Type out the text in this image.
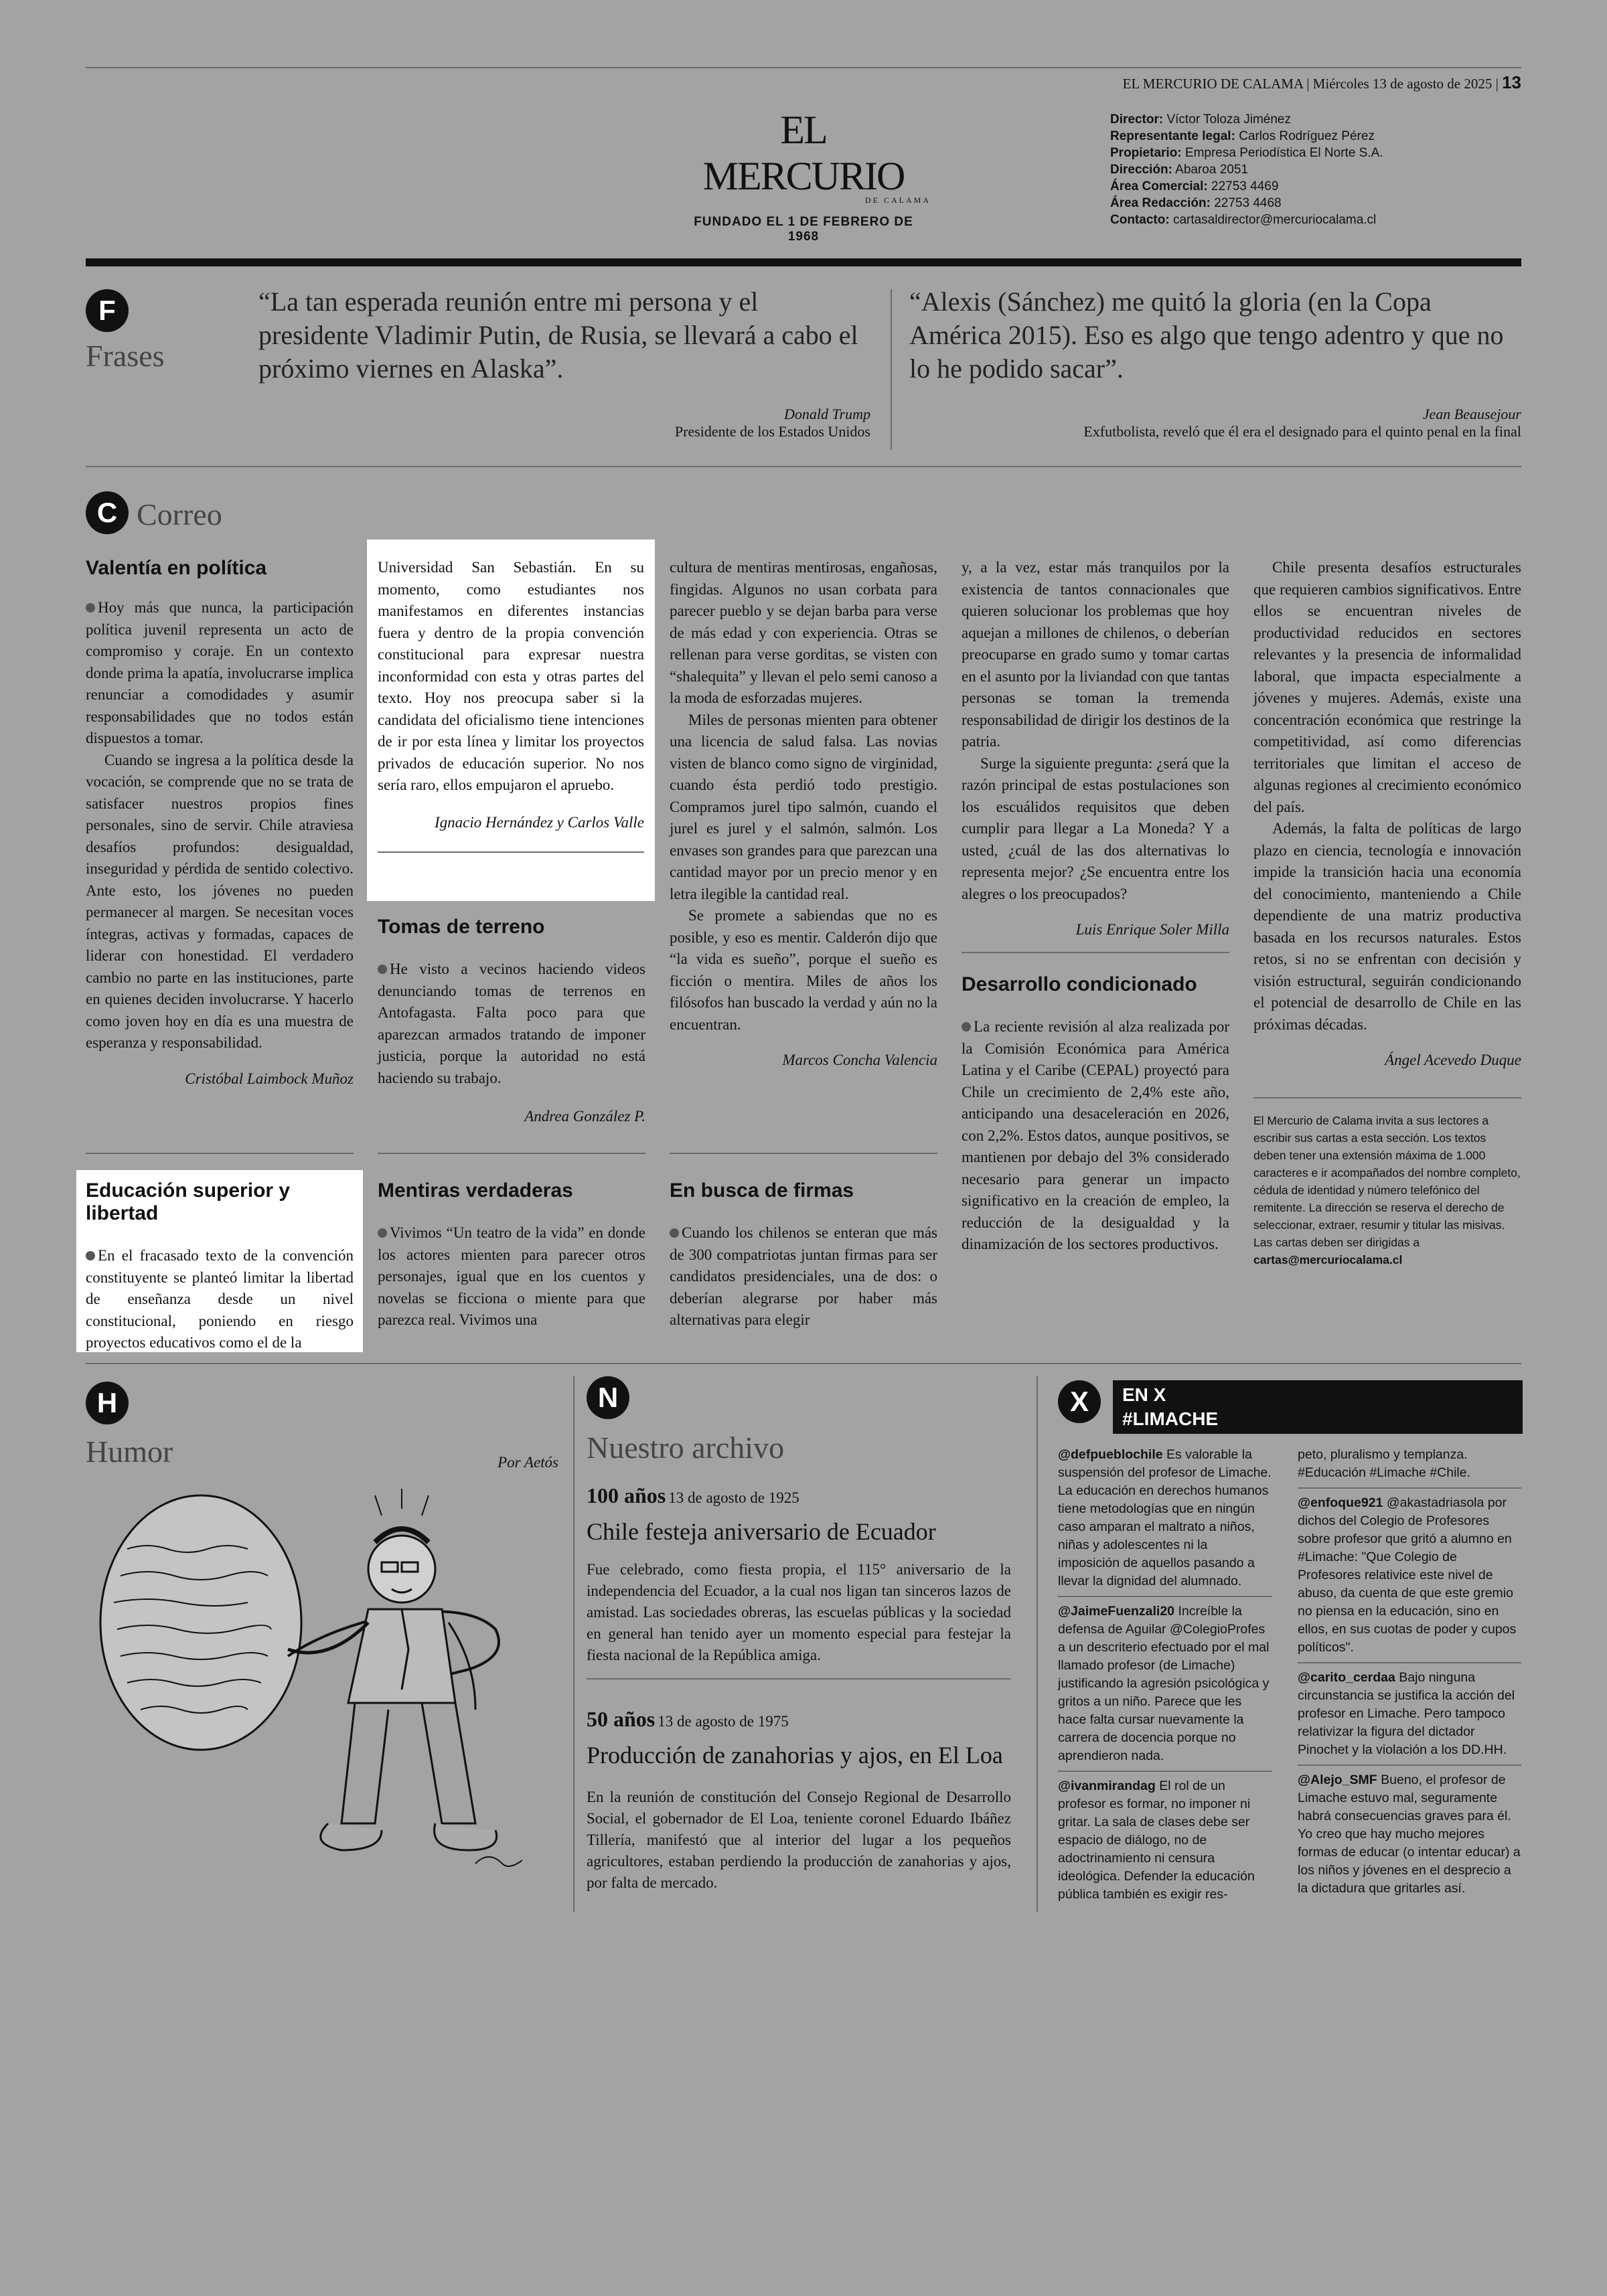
EL MERCURIO DE CALAMA | Miércoles 13 de agosto de 2025 | 13
EL MERCURIO
DE CALAMA
FUNDADO EL 1 DE FEBRERO DE 1968
Director: Víctor Toloza Jiménez
Representante legal: Carlos Rodríguez Pérez
Propietario: Empresa Periodística El Norte S.A.
Dirección: Abaroa 2051
Área Comercial: 22753 4469
Área Redacción: 22753 4468
Contacto: cartasaldirector@mercuriocalama.cl
F
Frases
“La tan esperada reunión entre mi persona y el presidente Vladimir Putin, de Rusia, se llevará a cabo el próximo viernes en Alaska”.
Donald Trump
Presidente de los Estados Unidos
“Alexis (Sánchez) me quitó la gloria (en la Copa América 2015). Eso es algo que tengo adentro y que no lo he podido sacar”.
Jean Beausejour
Exfutbolista, reveló que él era el designado para el quinto penal en la final
C Correo
Valentía en política

Hoy más que nunca, la participación política juvenil representa un acto de compromiso y coraje. En un contexto donde prima la apatía, involucrarse implica renunciar a comodidades y asumir responsabilidades que no todos están dispuestos a tomar.

Cuando se ingresa a la política desde la vocación, se comprende que no se trata de satisfacer nuestros propios fines personales, sino de servir. Chile atraviesa desafíos profundos: desigualdad, inseguridad y pérdida de sentido colectivo. Ante esto, los jóvenes no pueden permanecer al margen. Se necesitan voces íntegras, activas y formadas, capaces de liderar con honestidad. El verdadero cambio no parte en las instituciones, parte en quienes deciden involucrarse. Y hacerlo como joven hoy en día es una muestra de esperanza y responsabilidad.

Cristóbal Laimbock Muñoz
Educación superior y libertad

En el fracasado texto de la convención constituyente se planteó limitar la libertad de enseñanza desde un nivel constitucional, poniendo en riesgo proyectos educativos como el de la

Universidad San Sebastián. En su momento, como estudiantes nos manifestamos en diferentes instancias fuera y dentro de la propia convención constitucional para expresar nuestra inconformidad con esta y otras partes del texto. Hoy nos preocupa saber si la candidata del oficialismo tiene intenciones de ir por esta línea y limitar los proyectos privados de educación superior. No nos sería raro, ellos empujaron el apruebo.

Ignacio Hernández y Carlos Valle
Tomas de terreno

He visto a vecinos haciendo videos denunciando tomas de terrenos en Antofagasta. Falta poco para que aparezcan armados tratando de imponer justicia, porque la autoridad no está haciendo su trabajo.

Andrea González P.
Mentiras verdaderas

Vivimos “Un teatro de la vida” en donde los actores mienten para parecer otros personajes, igual que en los cuentos y novelas se ficciona o miente para que parezca real. Vivimos una

cultura de mentiras mentirosas, engañosas, fingidas. Algunos no usan corbata para parecer pueblo y se dejan barba para verse de más edad y con experiencia. Otras se rellenan para verse gorditas, se visten con “shalequita” y llevan el pelo semi canoso a la moda de esforzadas mujeres.

Miles de personas mienten para obtener una licencia de salud falsa. Las novias visten de blanco como signo de virginidad, cuando ésta perdió todo prestigio. Compramos jurel tipo salmón, cuando el jurel es jurel y el salmón, salmón. Los envases son grandes para que parezcan una cantidad mayor por un precio menor y en letra ilegible la cantidad real.

Se promete a sabiendas que no es posible, y eso es mentir. Calderón dijo que “la vida es sueño”, porque el sueño es ficción o mentira. Miles de años los filósofos han buscado la verdad y aún no la encuentran.

Marcos Concha Valencia
En busca de firmas

Cuando los chilenos se enteran que más de 300 compatriotas juntan firmas para ser candidatos presidenciales, una de dos: o deberían alegrarse por haber más alternativas para elegir

y, a la vez, estar más tranquilos por la existencia de tantos connacionales que quieren solucionar los problemas que hoy aquejan a millones de chilenos, o deberían preocuparse en grado sumo y tomar cartas en el asunto por la liviandad con que tantas personas se toman la tremenda responsabilidad de dirigir los destinos de la patria.

Surge la siguiente pregunta: ¿será que la razón principal de estas postulaciones son los escuálidos requisitos que deben cumplir para llegar a La Moneda? Y a usted, ¿cuál de las dos alternativas lo representa mejor? ¿Se encuentra entre los alegres o los preocupados?

Luis Enrique Soler Milla
Desarrollo condicionado

La reciente revisión al alza realizada por la Comisión Económica para América Latina y el Caribe (CEPAL) proyectó para Chile un crecimiento de 2,4% este año, anticipando una desaceleración en 2026, con 2,2%. Estos datos, aunque positivos, se mantienen por debajo del 3% considerado necesario para generar un impacto significativo en la creación de empleo, la reducción de la desigualdad y la dinamización de los sectores productivos.

Chile presenta desafíos estructurales que requieren cambios significativos. Entre ellos se encuentran niveles de productividad reducidos en sectores relevantes y la presencia de informalidad laboral, que impacta especialmente a jóvenes y mujeres. Además, existe una concentración económica que restringe la competitividad, así como diferencias territoriales que limitan el acceso de algunas regiones al crecimiento económico del país.

Además, la falta de políticas de largo plazo en ciencia, tecnología e innovación impide la transición hacia una economía del conocimiento, manteniendo a Chile dependiente de una matriz productiva basada en los recursos naturales. Estos retos, si no se enfrentan con decisión y visión estructural, seguirán condicionando el potencial de desarrollo de Chile en las próximas décadas.

Ángel Acevedo Duque
El Mercurio de Calama invita a sus lectores a escribir sus cartas a esta sección. Los textos deben tener una extensión máxima de 1.000 caracteres e ir acompañados del nombre completo, cédula de identidad y número telefónico del remitente. La dirección se reserva el derecho de seleccionar, extraer, resumir y titular las misivas. Las cartas deben ser dirigidas a cartas@mercuriocalama.cl
H
Humor	Por Aetós
N
Nuestro archivo
100 años 13 de agosto de 1925
Chile festeja aniversario de Ecuador
Fue celebrado, como fiesta propia, el 115° aniversario de la independencia del Ecuador, a la cual nos ligan tan sinceros lazos de amistad. Las sociedades obreras, las escuelas públicas y la sociedad en general han tenido ayer un momento especial para festejar la fiesta nacional de la República amiga.
50 años 13 de agosto de 1975
Producción de zanahorias y ajos, en El Loa
En la reunión de constitución del Consejo Regional de Desarrollo Social, el gobernador de El Loa, teniente coronel Eduardo Ibáñez Tillería, manifestó que al interior del lugar a los pequeños agricultores, estaban perdiendo la producción de zanahorias y ajos, por falta de mercado.
X	EN X
#LIMACHE
@defpueblochile Es valorable la suspensión del profesor de Limache. La educación en derechos humanos tiene metodologías que en ningún caso amparan el maltrato a niños, niñas y adolescentes ni la imposición de aquellos pasando a llevar la dignidad del alumnado.
@JaimeFuenzali20 Increíble la defensa de Aguilar @ColegioProfes a un descriterio efectuado por el mal llamado profesor (de Limache) justificando la agresión psicológica y gritos a un niño. Parece que les hace falta cursar nuevamente la carrera de docencia porque no aprendieron nada.
@ivanmirandag El rol de un profesor es formar, no imponer ni gritar. La sala de clases debe ser espacio de diálogo, no de adoctrinamiento ni censura ideológica. Defender la educación pública también es exigir res-
peto, pluralismo y templanza. #Educación #Limache #Chile.
@enfoque921 @akastadriasola por dichos del Colegio de Profesores sobre profesor que gritó a alumno en #Limache: "Que Colegio de Profesores relativice este nivel de abuso, da cuenta de que este gremio no piensa en la educación, sino en ellos, en sus cuotas de poder y cupos políticos".
@carito_cerdaa Bajo ninguna circunstancia se justifica la acción del profesor en Limache. Pero tampoco relativizar la figura del dictador Pinochet y la violación a los DD.HH.
@Alejo_SMF Bueno, el profesor de Limache estuvo mal, seguramente habrá consecuencias graves para él. Yo creo que hay mucho mejores formas de educar (o intentar educar) a los niños y jóvenes en el desprecio a la dictadura que gritarles así.
